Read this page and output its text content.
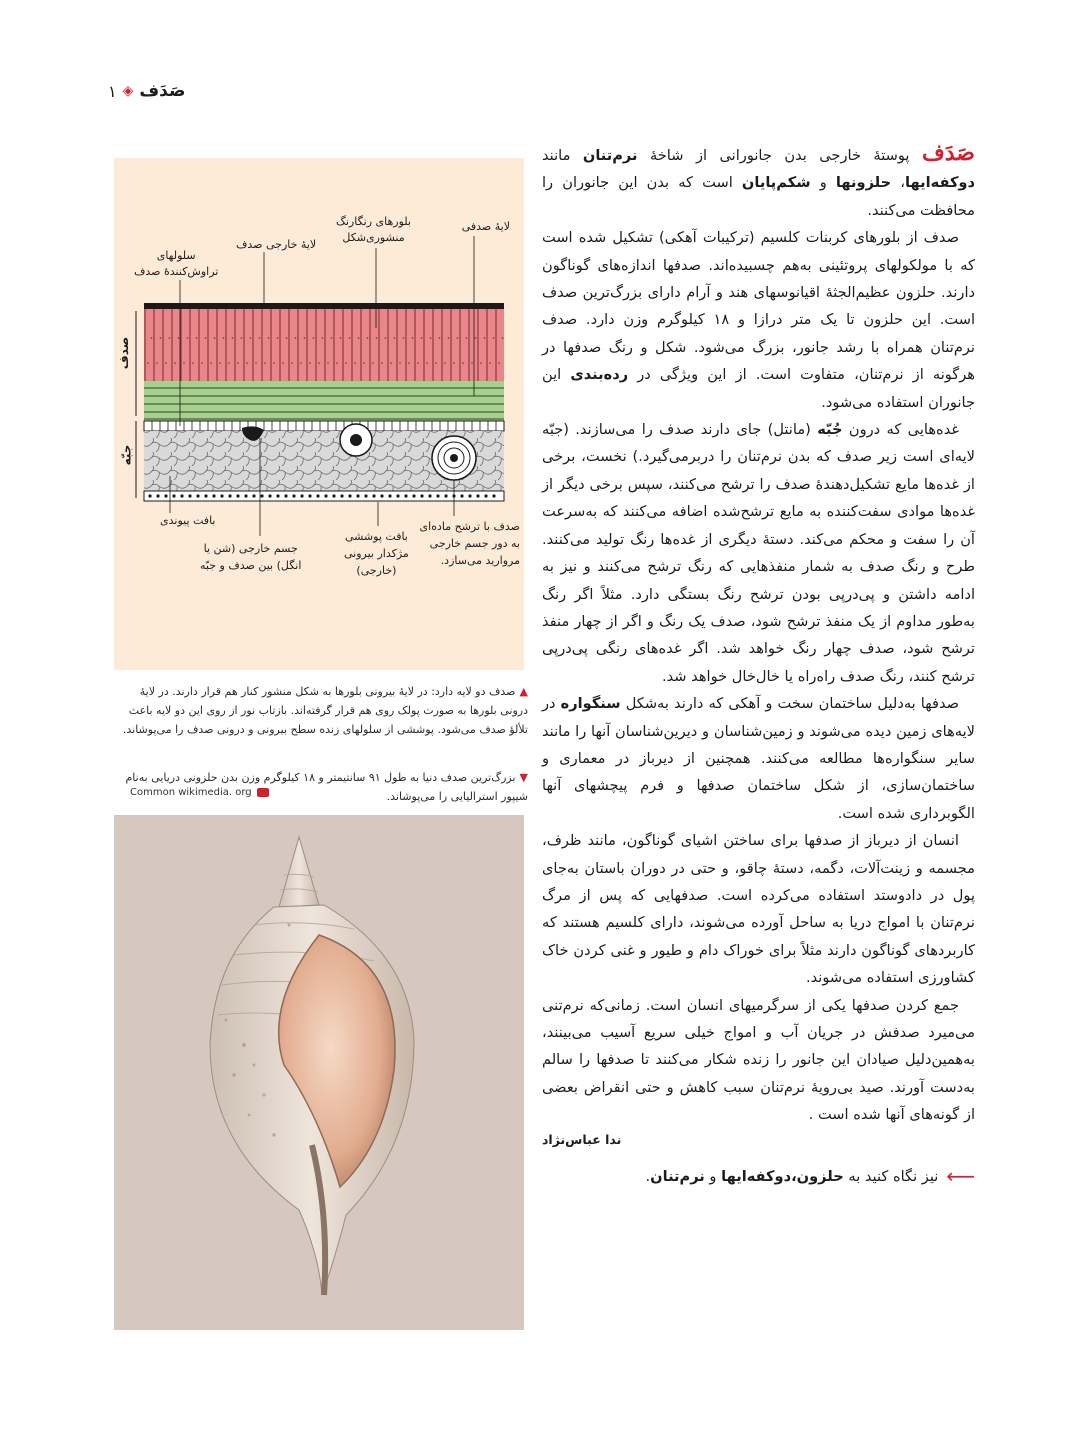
صَدَف
◈
۱

صَدَف پوستۀ خارجی بدن جانورانی از شاخۀ نرم‌تنان مانند دوکفه‌ایها، حلزونها و شکم‌پایان است که بدن این جانوران را محافظت می‌کنند.

صدف از بلورهای کربنات کلسیم (ترکیبات آهکی) تشکیل شده است که با مولکولهای پروتئینی به‌هم چسبیده‌اند. صدفها اندازه‌های گوناگون دارند. حلزون عظیم‌الجثۀ اقیانوسهای هند و آرام دارای بزرگ‌ترین صدف است. این حلزون تا یک متر درازا و ۱۸ کیلوگرم وزن دارد. صدف نرم‌تنان همراه با رشد جانور، بزرگ می‌شود. شکل و رنگ صدفها در هرگونه از نرم‌تنان، متفاوت است. از این ویژگی در رده‌بندی این جانوران استفاده می‌شود.

غده‌هایی که درون جُبّه (مانتل) جای دارند صدف را می‌سازند. (جبّه لایه‌ای است زیر صدف که بدن نرم‌تنان را دربرمی‌گیرد.) نخست، برخی از غده‌ها مایع تشکیل‌دهندۀ صدف را ترشح می‌کنند، سپس برخی دیگر از غده‌ها موادی سفت‌کننده به مایع ترشح‌شده اضافه می‌کنند که به‌سرعت آن را سفت و محکم می‌کند. دستۀ دیگری از غده‌ها رنگ تولید می‌کنند. طرح و رنگ صدف به شمار منفذهایی که رنگ ترشح می‌کنند و نیز به ادامه داشتن و پی‌درپی بودن ترشح رنگ بستگی دارد. مثلاً اگر رنگ به‌طور مداوم از یک منفذ ترشح شود، صدف یک رنگ و اگر از چهار منفذ ترشح شود، صدف چهار رنگ خواهد شد. اگر غده‌های رنگی پی‌درپی ترشح کنند، رنگ صدف راه‌راه یا خال‌خال خواهد شد.

صدفها به‌دلیل ساختمان سخت و آهکی که دارند به‌شکل سنگواره در لایه‌های زمین دیده می‌شوند و زمین‌شناسان و دیرین‌شناسان آنها را مانند سایر سنگواره‌ها مطالعه می‌کنند. همچنین از دیرباز در معماری و ساختمان‌سازی، از شکل ساختمان صدفها و فرم پیچشهای آنها الگوبرداری شده است.

انسان از دیرباز از صدفها برای ساختن اشیای گوناگون، مانند ظرف، مجسمه و زینت‌آلات، دگمه، دستۀ چاقو، و حتی در دوران باستان به‌جای پول در دادوستد استفاده می‌کرده است. صدفهایی که پس از مرگ نرم‌تنان با امواج دریا به ساحل آورده می‌شوند، دارای کلسیم هستند که کاربردهای گوناگون دارند مثلاً برای خوراک دام و طیور و غنی کردن خاک کشاورزی استفاده می‌شوند.

جمع کردن صدفها یکی از سرگرمیهای انسان است. زمانی‌که نرم‌تنی می‌میرد صدفش در جریان آب و امواج خیلی سریع آسیب می‌بینند، به‌همین‌دلیل صیادان این جانور را زنده شکار می‌کنند تا صدفها را سالم به‌دست آورند. صید بی‌رویۀ نرم‌تنان سبب کاهش و حتی انقراض بعضی از گونه‌های آنها شده است .

ندا عباس‌نژاد
⟵
نیز نگاه کنید به حلزون،دوکفه‌ایها و نرم‌تنان.
لایۀ صدفی
بلورهای رنگارنگ
منشوری‌شکل
لایۀ خارجی صدف
سلولهای
تراوش‌کنندۀ صدف
صدف
جبّه
بافت پیوندی
جسم خارجی (شن یا
انگل) بین صدف و جبّه
بافت پوششی
مژکدار بیرونی
(خارجی)
صدف با ترشح ماده‌ای
به دور جسم خارجی
مروارید می‌سازد.
▲صدف دو لایه دارد: در لایۀ بیرونی بلورها به شکل منشور کنار هم قرار دارند. در لایۀ درونی بلورها به صورت پولک روی هم قرار گرفته‌اند. بازتاب نور از روی این دو لایه باعث تلألؤ صدف می‌شود. پوششی از سلولهای زنده سطح بیرونی و درونی صدف را می‌پوشاند.
▼بزرگ‌ترین صدف دنیا به طول ۹۱ سانتیمتر و ۱۸ کیلوگرم وزن بدن حلزونی دریایی به‌نام شیپور استرالیایی را می‌پوشاند.
Common wikimedia. org
